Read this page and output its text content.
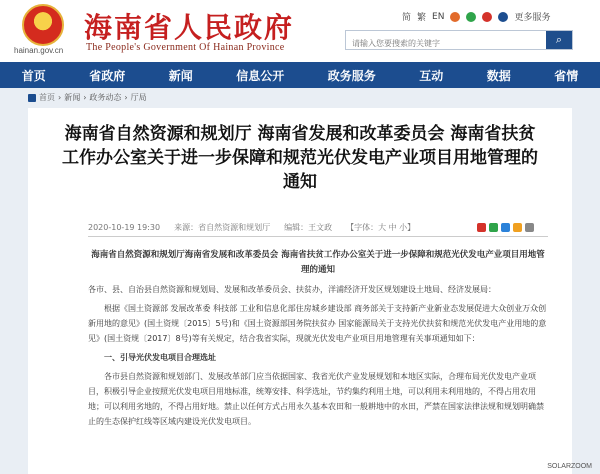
hainan.gov.cn
海南省人民政府
The People's Government Of Hainan Province
简 繁 EN	更多服务
请输入您要搜索的关键字
⌕
首页	省政府	新闻	信息公开	政务服务	互动	数据	省情
首页 › 新闻 › 政务动态 › 厅局
海南省自然资源和规划厅 海南省发展和改革委员会 海南省扶贫工作办公室关于进一步保障和规范光伏发电产业项目用地管理的通知
2020-10-19 19:30 来源：省自然资源和规划厅 编辑：王文政 【字体：大 中 小】

海南省自然资源和规划厅海南省发展和改革委员会 海南省扶贫工作办公室关于进一步保障和规范光伏发电产业项目用地管理的通知

各市、县、自治县自然资源和规划局、发展和改革委员会、扶贫办，洋浦经济开发区规划建设土地局、经济发展局：

根据《国土资源部 发展改革委 科技部 工业和信息化部住房城乡建设部 商务部关于支持新产业新业态发展促进大众创业万众创新用地的意见》(国土资规〔2015〕5号)和《国土资源部国务院扶贫办 国家能源局关于支持光伏扶贫和规范光伏发电产业用地的意见》(国土资规〔2017〕8号)等有关规定，结合我省实际，现就光伏发电产业项目用地管理有关事项通知如下：

一、引导光伏发电项目合理选址

各市县自然资源和规划部门、发展改革部门应当依据国家、我省光伏产业发展规划和本地区实际，合理布局光伏发电产业项目，积极引导企业按照光伏发电项目用地标准，统筹安排、科学选址，节约集约利用土地，可以利用未利用地的，不得占用农用地；可以利用劣地的，不得占用好地。禁止以任何方式占用永久基本农田和一般耕地中的水田，严禁在国家法律法规和规划明确禁止的生态保护红线等区域内建设光伏发电项目。

SOLARZOOM
